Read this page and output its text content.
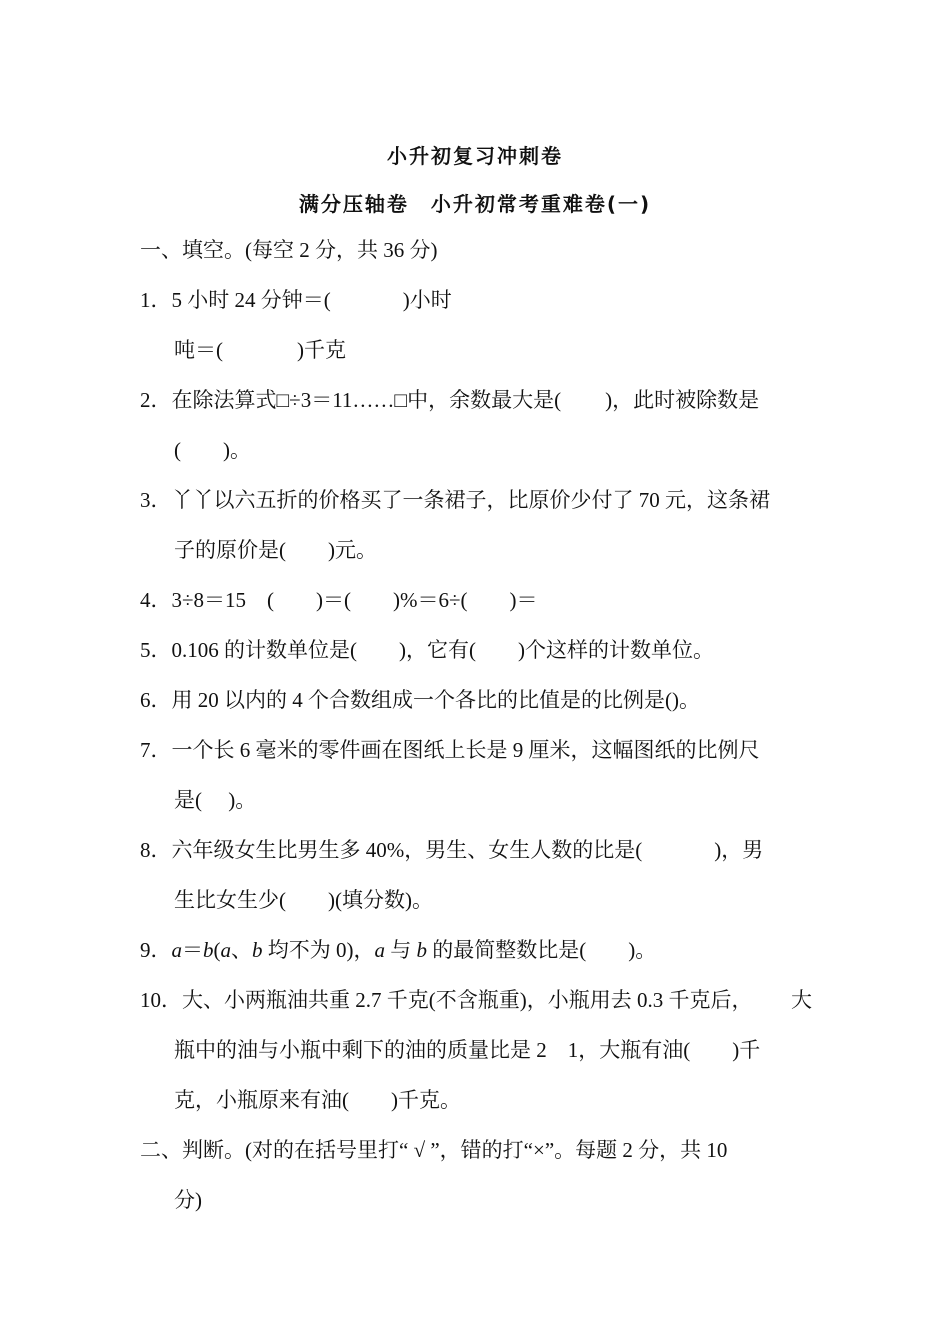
小升初复习冲刺卷
满分压轴卷　小升初常考重难卷(一)
一、填空。(每空 2 分，共 36 分)
1．5 小时 24 分钟＝(	)小时
吨＝(	)千克
2．在除法算式□÷3＝11……□中，余数最大是( )，此时被除数是
(　　)。
3．丫丫以六五折的价格买了一条裙子，比原价少付了 70 元，这条裙
子的原价是(　　)元。
4．3÷8＝15　(　　)＝(　　)%＝6÷(　　)＝
5．0.106 的计数单位是(　　)，它有(　　)个这样的计数单位。
6．用 20 以内的 4 个合数组成一个各比的比值是的比例是()。
7．一个长 6 毫米的零件画在图纸上长是 9 厘米，这幅图纸的比例尺
是(　 )。
8．六年级女生比男生多 40%，男生、女生人数的比是(	)，男
生比女生少(　　)(填分数)。
9．a＝b(a、b 均不为 0)，a 与 b 的最简整数比是(　　)。
10．大、小两瓶油共重 2.7 千克(不含瓶重)，小瓶用去 0.3 千克后， 大
瓶中的油与小瓶中剩下的油的质量比是 2　1，大瓶有油( )千
克，小瓶原来有油(　　)千克。
二、判断。(对的在括号里打“ √ ”，错的打“×”。每题 2 分，共 10
分)
